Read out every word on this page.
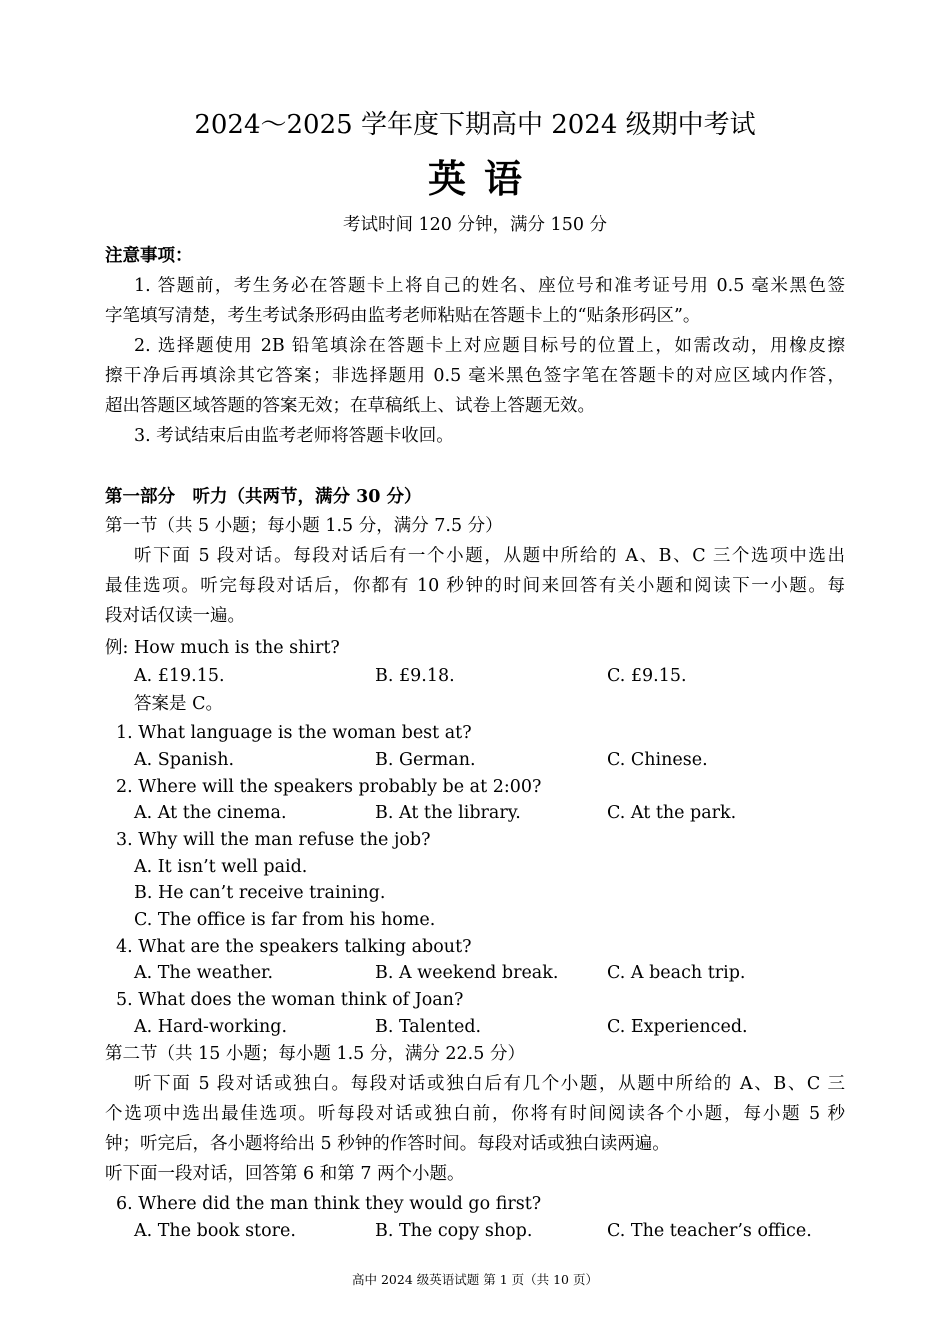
2024～2025 学年度下期高中 2024 级期中考试
英语
考试时间 120 分钟，满分 150 分
注意事项：
1. 答题前，考生务必在答题卡上将自己的姓名、座位号和准考证号用 0.5 毫米黑色签
字笔填写清楚，考生考试条形码由监考老师粘贴在答题卡上的“贴条形码区”。
2. 选择题使用 2B 铅笔填涂在答题卡上对应题目标号的位置上，如需改动，用橡皮擦
擦干净后再填涂其它答案；非选择题用 0.5 毫米黑色签字笔在答题卡的对应区域内作答，
超出答题区域答题的答案无效；在草稿纸上、试卷上答题无效。
3. 考试结束后由监考老师将答题卡收回。
第一部分　听力（共两节，满分 30 分）
第一节（共 5 小题；每小题 1.5 分，满分 7.5 分）
听下面 5 段对话。每段对话后有一个小题，从题中所给的 A、B、C 三个选项中选出
最佳选项。听完每段对话后，你都有 10 秒钟的时间来回答有关小题和阅读下一小题。每
段对话仅读一遍。
例: How much is the shirt?
A. £19.15.	B. £9.18.	C. £9.15.
答案是 C。
1. What language is the woman best at?
A. Spanish.	B. German.	C. Chinese.
2. Where will the speakers probably be at 2:00?
A. At the cinema.	B. At the library.	C. At the park.
3. Why will the man refuse the job?
A. It isn’t well paid.
B. He can’t receive training.
C. The office is far from his home.
4. What are the speakers talking about?
A. The weather.	B. A weekend break.	C. A beach trip.
5. What does the woman think of Joan?
A. Hard-working.	B. Talented.	C. Experienced.
第二节（共 15 小题；每小题 1.5 分，满分 22.5 分）
听下面 5 段对话或独白。每段对话或独白后有几个小题，从题中所给的 A、B、C 三
个选项中选出最佳选项。听每段对话或独白前，你将有时间阅读各个小题，每小题 5 秒
钟；听完后，各小题将给出 5 秒钟的作答时间。每段对话或独白读两遍。
听下面一段对话，回答第 6 和第 7 两个小题。
6. Where did the man think they would go first?
A. The book store.	B. The copy shop.	C. The teacher’s office.
高中 2024 级英语试题 第 1 页（共 10 页）
